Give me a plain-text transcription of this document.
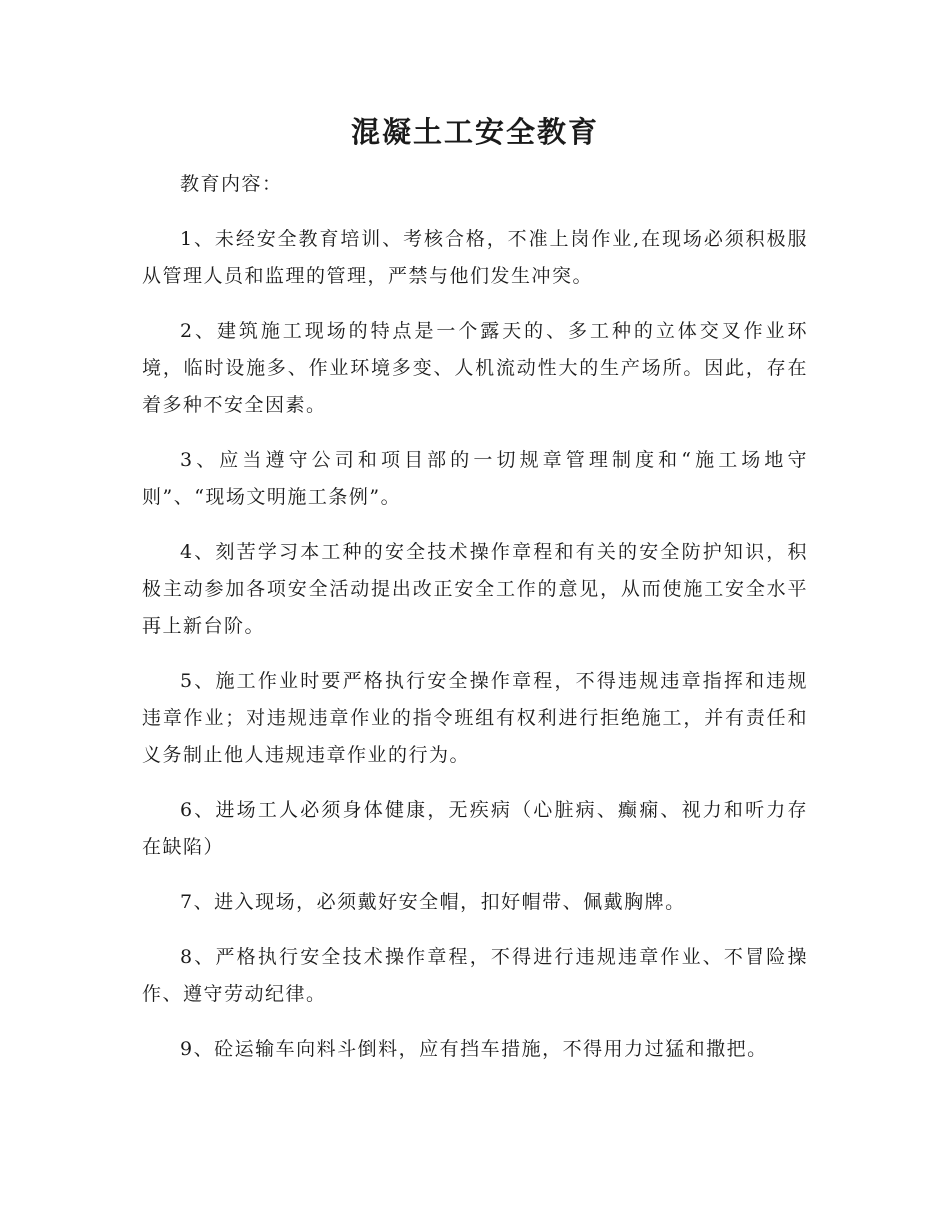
混凝土工安全教育

教育内容：

1、未经安全教育培训、考核合格，不准上岗作业,在现场必须积极服从管理人员和监理的管理，严禁与他们发生冲突。

2、建筑施工现场的特点是一个露天的、多工种的立体交叉作业环境，临时设施多、作业环境多变、人机流动性大的生产场所。因此，存在着多种不安全因素。

3、应当遵守公司和项目部的一切规章管理制度和“施工场地守则”、“现场文明施工条例”。

4、刻苦学习本工种的安全技术操作章程和有关的安全防护知识，积极主动参加各项安全活动提出改正安全工作的意见，从而使施工安全水平再上新台阶。

5、施工作业时要严格执行安全操作章程，不得违规违章指挥和违规违章作业；对违规违章作业的指令班组有权利进行拒绝施工，并有责任和义务制止他人违规违章作业的行为。

6、进场工人必须身体健康，无疾病（心脏病、癫痫、视力和听力存在缺陷）

7、进入现场，必须戴好安全帽，扣好帽带、佩戴胸牌。

8、严格执行安全技术操作章程，不得进行违规违章作业、不冒险操作、遵守劳动纪律。

9、砼运输车向料斗倒料，应有挡车措施，不得用力过猛和撒把。
